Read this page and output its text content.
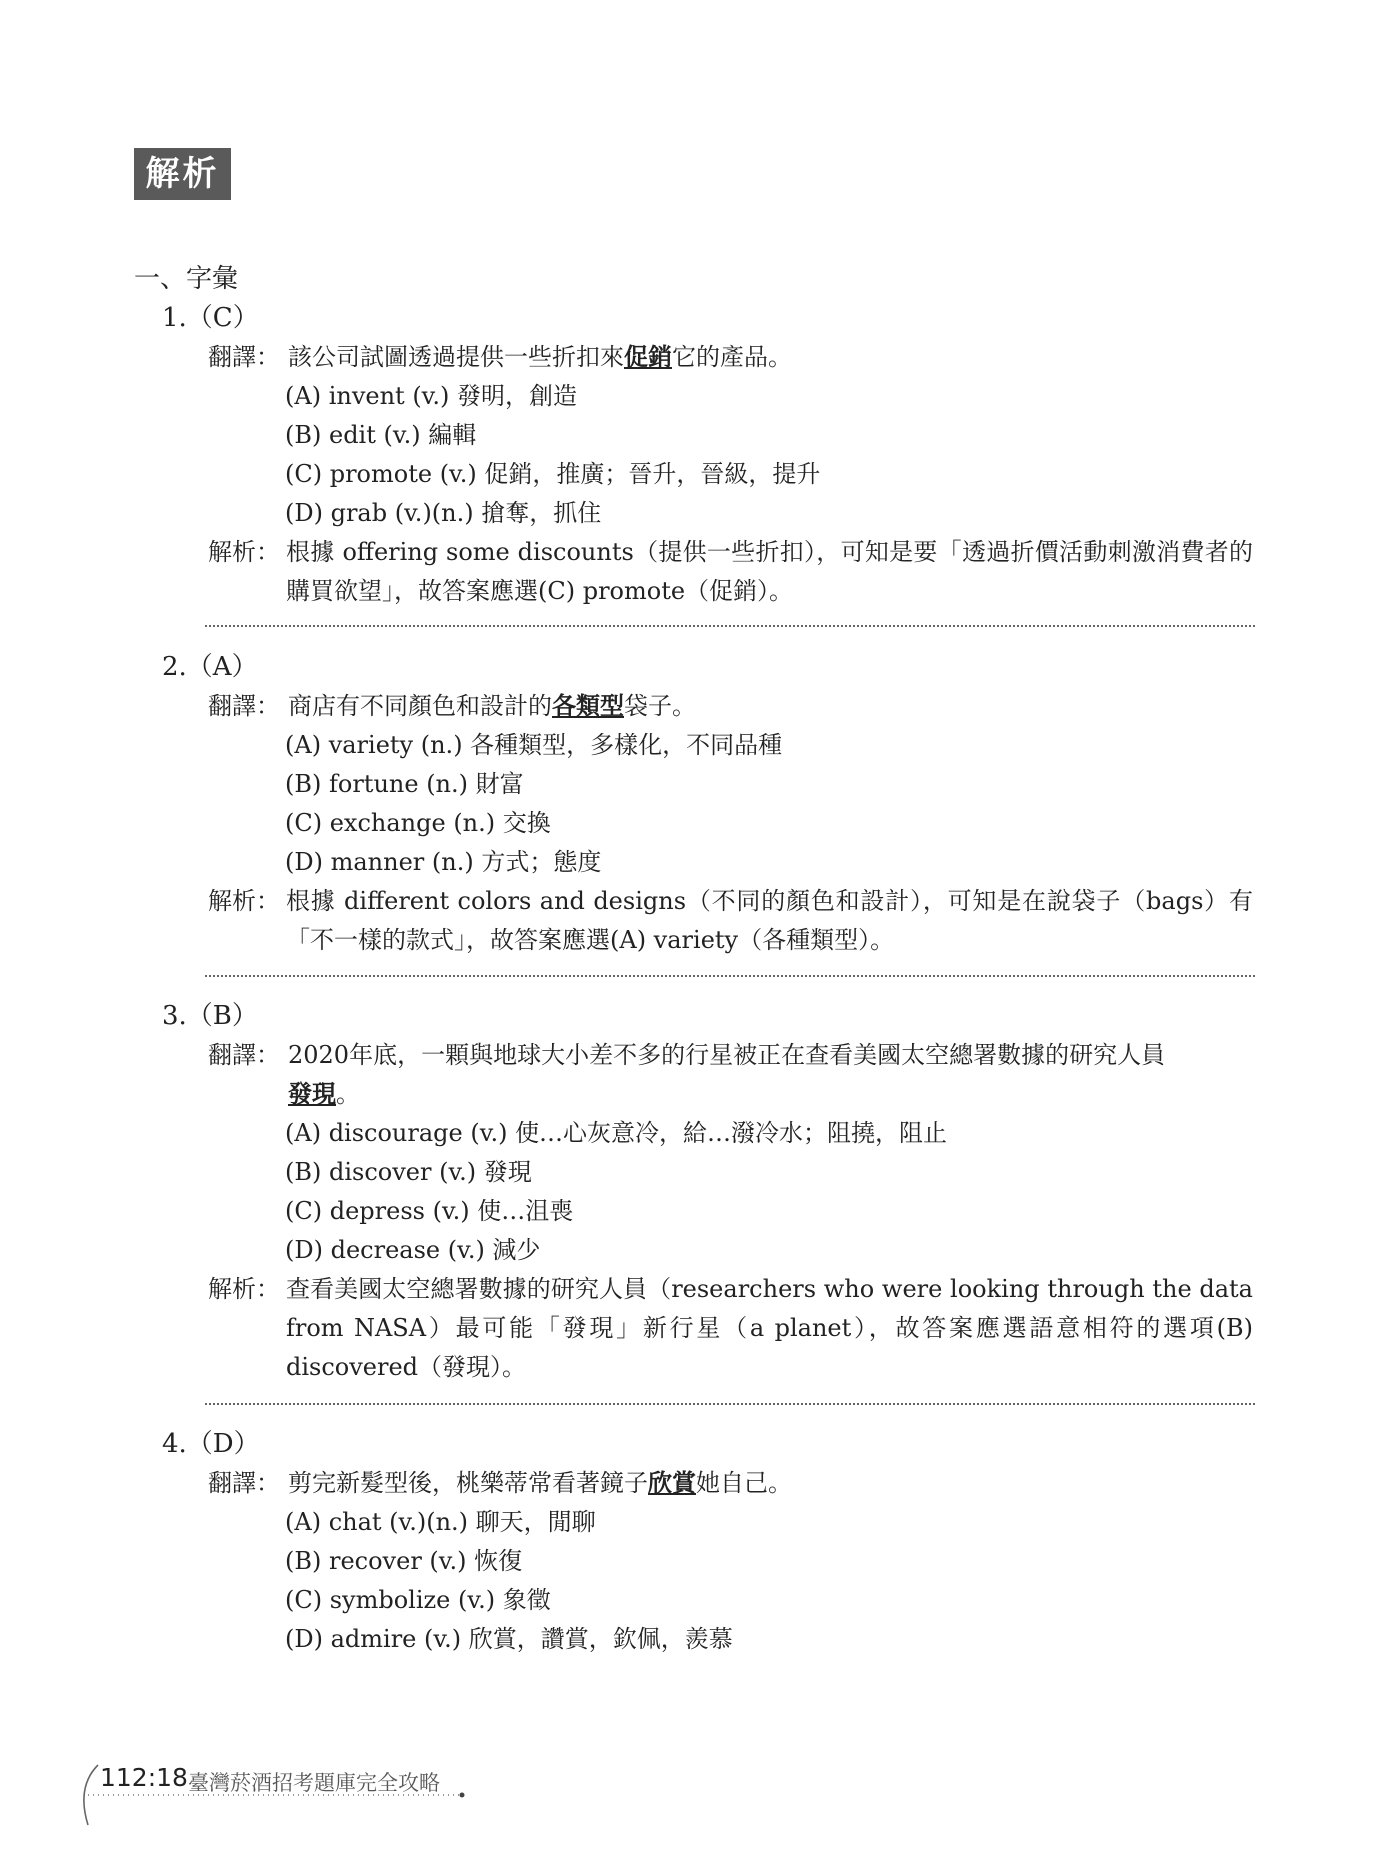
解析
一、字彙
1.（C）
翻譯： 該公司試圖透過提供一些折扣來促銷它的產品。
(A) invent (v.) 發明，創造
(B) edit (v.) 編輯
(C) promote (v.) 促銷，推廣；晉升，晉級，提升
(D) grab (v.)(n.) 搶奪，抓住
解析： 根據 offering some discounts（提供一些折扣），可知是要「透過折價活動刺激消費者的購買欲望」，故答案應選(C) promote（促銷）。
2.（A）
翻譯： 商店有不同顏色和設計的各類型袋子。
(A) variety (n.) 各種類型，多樣化，不同品種
(B) fortune (n.) 財富
(C) exchange (n.) 交換
(D) manner (n.) 方式；態度
解析： 根據 different colors and designs（不同的顏色和設計），可知是在說袋子（bags）有「不一樣的款式」，故答案應選(A) variety（各種類型）。
3.（B）
翻譯： 2020年底，一顆與地球大小差不多的行星被正在查看美國太空總署數據的研究人員
發現。
(A) discourage (v.) 使…心灰意冷，給…潑冷水；阻撓，阻止
(B) discover (v.) 發現
(C) depress (v.) 使…沮喪
(D) decrease (v.) 減少
解析： 查看美國太空總署數據的研究人員（researchers who were looking through the data from NASA）最可能「發現」新行星（a planet），故答案應選語意相符的選項(B) discovered（發現）。
4.（D）
翻譯： 剪完新髮型後，桃樂蒂常看著鏡子欣賞她自己。
(A) chat (v.)(n.) 聊天，閒聊
(B) recover (v.) 恢復
(C) symbolize (v.) 象徵
(D) admire (v.) 欣賞，讚賞，欽佩，羨慕
112:18 臺灣菸酒招考題庫完全攻略
